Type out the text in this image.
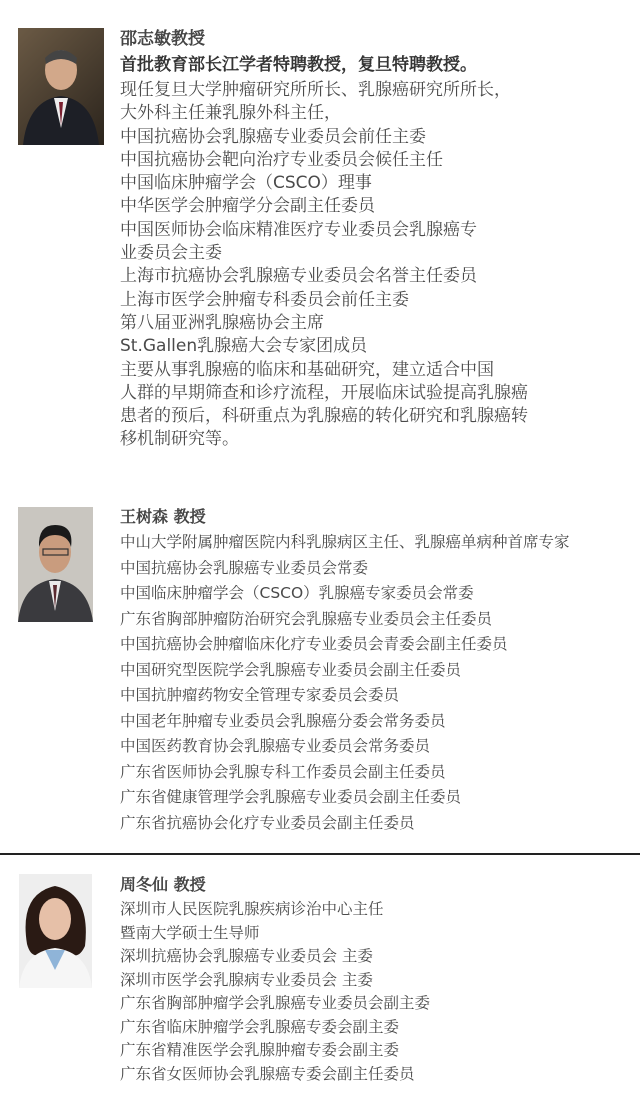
邵志敏教授
首批教育部长江学者特聘教授，复旦特聘教授。
现任复旦大学肿瘤研究所所长、乳腺癌研究所所长，
大外科主任兼乳腺外科主任，
中国抗癌协会乳腺癌专业委员会前任主委
中国抗癌协会靶向治疗专业委员会候任主任
中国临床肿瘤学会（CSCO）理事
中华医学会肿瘤学分会副主任委员
中国医师协会临床精准医疗专业委员会乳腺癌专
业委员会主委
上海市抗癌协会乳腺癌专业委员会名誉主任委员
上海市医学会肿瘤专科委员会前任主委
第八届亚洲乳腺癌协会主席
St.Gallen乳腺癌大会专家团成员
主要从事乳腺癌的临床和基础研究，建立适合中国
人群的早期筛查和诊疗流程，开展临床试验提高乳腺癌
患者的预后，科研重点为乳腺癌的转化研究和乳腺癌转
移机制研究等。
王树森 教授
中山大学附属肿瘤医院内科乳腺病区主任、乳腺癌单病种首席专家
中国抗癌协会乳腺癌专业委员会常委
中国临床肿瘤学会（CSCO）乳腺癌专家委员会常委
广东省胸部肿瘤防治研究会乳腺癌专业委员会主任委员
中国抗癌协会肿瘤临床化疗专业委员会青委会副主任委员
中国研究型医院学会乳腺癌专业委员会副主任委员
中国抗肿瘤药物安全管理专家委员会委员
中国老年肿瘤专业委员会乳腺癌分委会常务委员
中国医药教育协会乳腺癌专业委员会常务委员
广东省医师协会乳腺专科工作委员会副主任委员
广东省健康管理学会乳腺癌专业委员会副主任委员
广东省抗癌协会化疗专业委员会副主任委员
周冬仙 教授
深圳市人民医院乳腺疾病诊治中心主任
暨南大学硕士生导师
深圳抗癌协会乳腺癌专业委员会 主委
深圳市医学会乳腺病专业委员会 主委
广东省胸部肿瘤学会乳腺癌专业委员会副主委
广东省临床肿瘤学会乳腺癌专委会副主委
广东省精准医学会乳腺肿瘤专委会副主委
广东省女医师协会乳腺癌专委会副主任委员
